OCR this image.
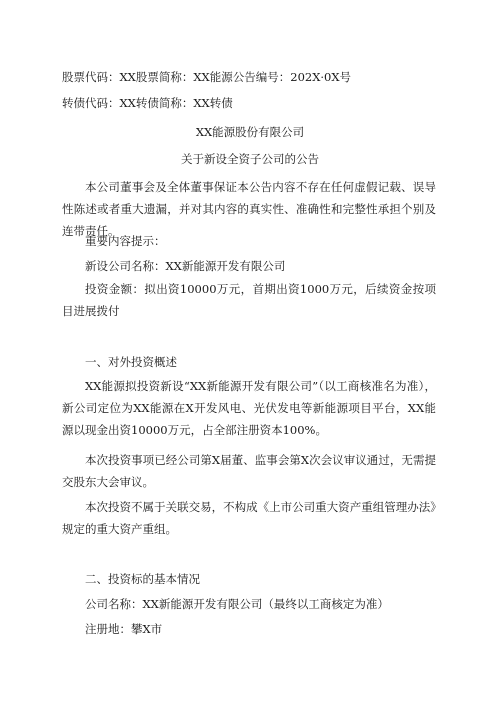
股票代码：XX股票简称：XX能源公告编号：202X·0X号
转债代码：XX转债简称：XX转债
XX能源股份有限公司
关于新设全资子公司的公告

本公司董事会及全体董事保证本公告内容不存在任何虚假记载、误导性陈述或者重大遗漏，并对其内容的真实性、准确性和完整性承担个别及连带责任。

重要内容提示：

新设公司名称：XX新能源开发有限公司

投资金额：拟出资10000万元，首期出资1000万元，后续资金按项目进展拨付

一、对外投资概述

XX能源拟投资新设“XX新能源开发有限公司”（以工商核准名为准），新公司定位为XX能源在X开发风电、光伏发电等新能源项目平台，XX能源以现金出资10000万元，占全部注册资本100%。

本次投资事项已经公司第X届董、监事会第X次会议审议通过，无需提交股东大会审议。

本次投资不属于关联交易，不构成《上市公司重大资产重组管理办法》规定的重大资产重组。

二、投资标的基本情况

公司名称：XX新能源开发有限公司（最终以工商核定为准）

注册地：攀X市
